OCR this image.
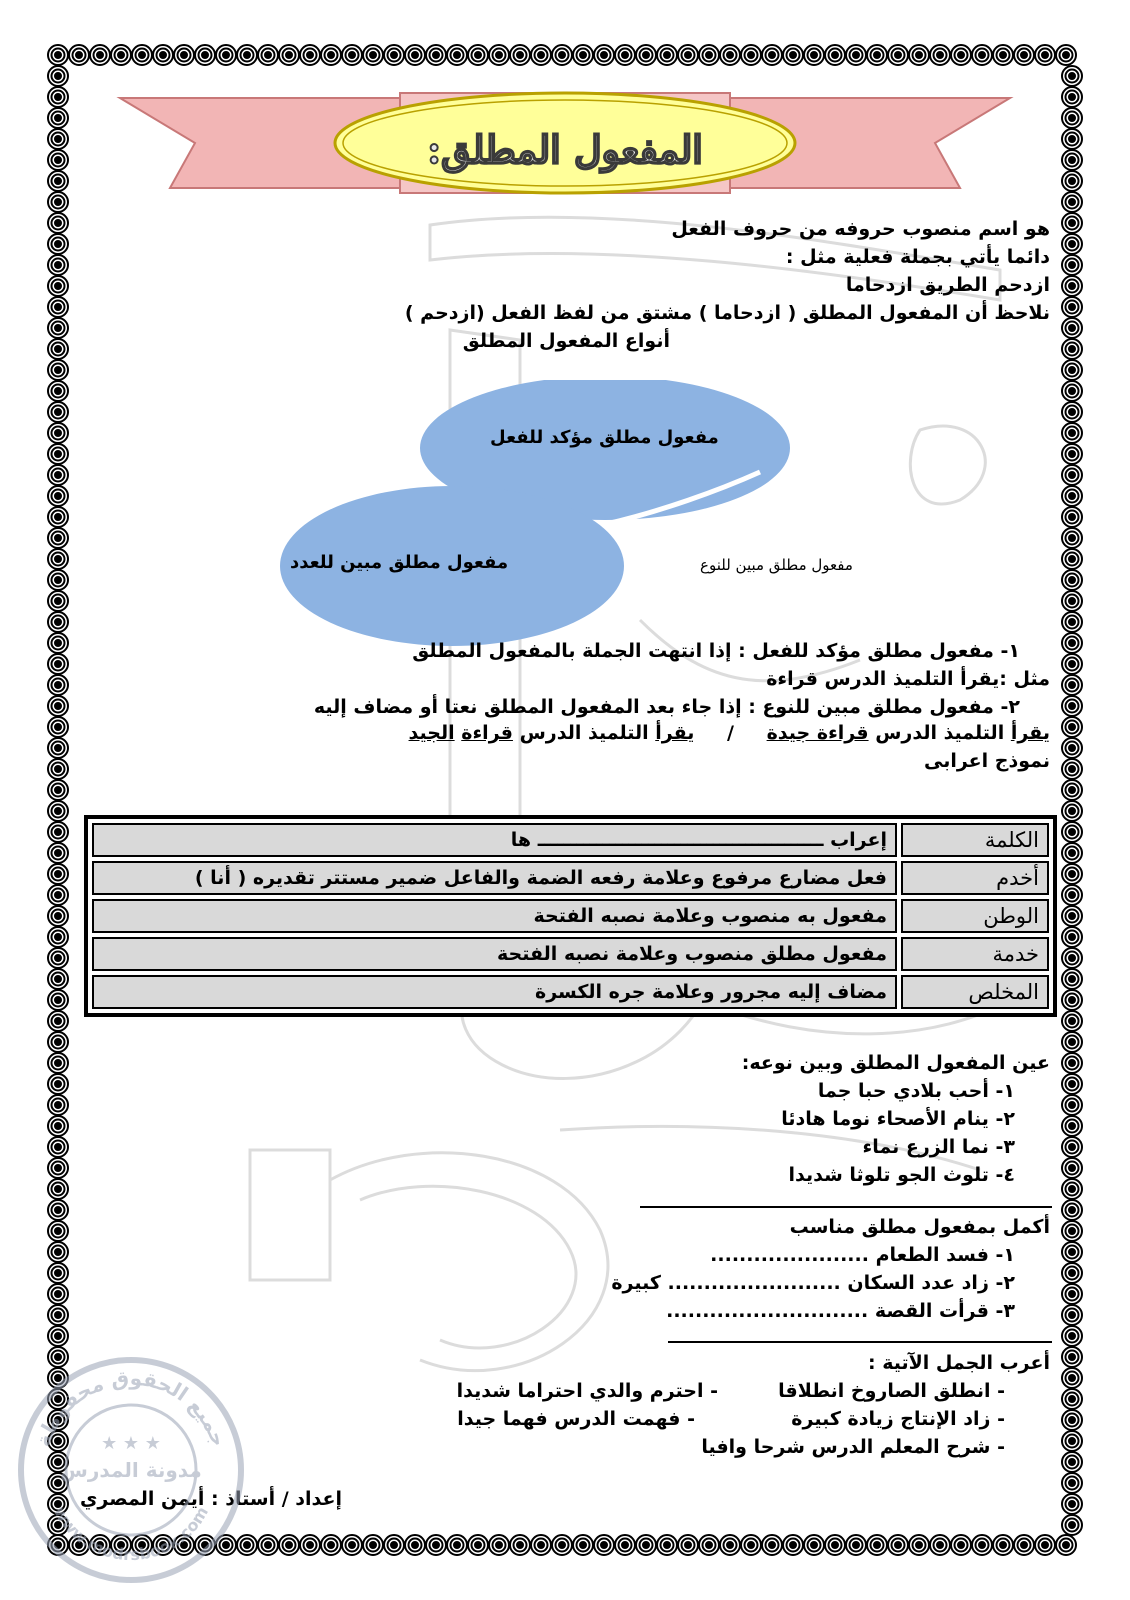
المفعول المطلق:
هو اسم منصوب حروفه من حروف الفعل
دائما يأتي بجملة فعلية مثل :
ازدحم الطريق ازدحاما
نلاحظ أن المفعول المطلق ( ازدحاما ) مشتق من لفظ الفعل (ازدحم )
أنواع المفعول المطلق
مفعول مطلق مؤكد للفعل
مفعول مطلق مبين للعدد	مفعول مطلق مبين للنوع
١- مفعول مطلق مؤكد للفعل : إذا انتهت الجملة بالمفعول المطلق
مثل :يقرأ التلميذ الدرس قراءة
٢- مفعول مطلق مبين للنوع : إذا جاء بعد المفعول المطلق نعتا أو مضاف إليه
يقرأ التلميذ الدرس قراءة جيدة / يقرأ التلميذ الدرس قراءة الجيد
نموذج اعرابى
الكلمة	إعراب ــــــــــــــــــــــــــــــــــــــــــــ ها
أخدم	فعل مضارع مرفوع وعلامة رفعه الضمة والفاعل ضمير مستتر تقديره ( أنا )
الوطن	مفعول به منصوب وعلامة نصبه الفتحة
خدمة	مفعول مطلق منصوب وعلامة نصبه الفتحة
المخلص	مضاف إليه مجرور وعلامة جره الكسرة
عين المفعول المطلق وبين نوعه:
١- أحب بلادي حبا جما
٢- ينام الأصحاء نوما هادئا
٣- نما الزرع نماء
٤- تلوث الجو تلوثا شديدا
أكمل بمفعول مطلق مناسب
١- فسد الطعام ......................
٢- زاد عدد السكان ........................ كبيرة
٣- قرأت القصة ............................
أعرب الجمل الآتية :
- انطلق الصاروخ انطلاقا
- احترم والدي احتراما شديدا
- زاد الإنتاج زيادة كبيرة
- فهمت الدرس فهما جيدا
- شرح المعلم الدرس شرحا وافيا
إعداد / أستاذ : أيمن المصري
جميع الحقوق محفوظة
www.modrsbook.com
مدونة المدرس
★ ★ ★
